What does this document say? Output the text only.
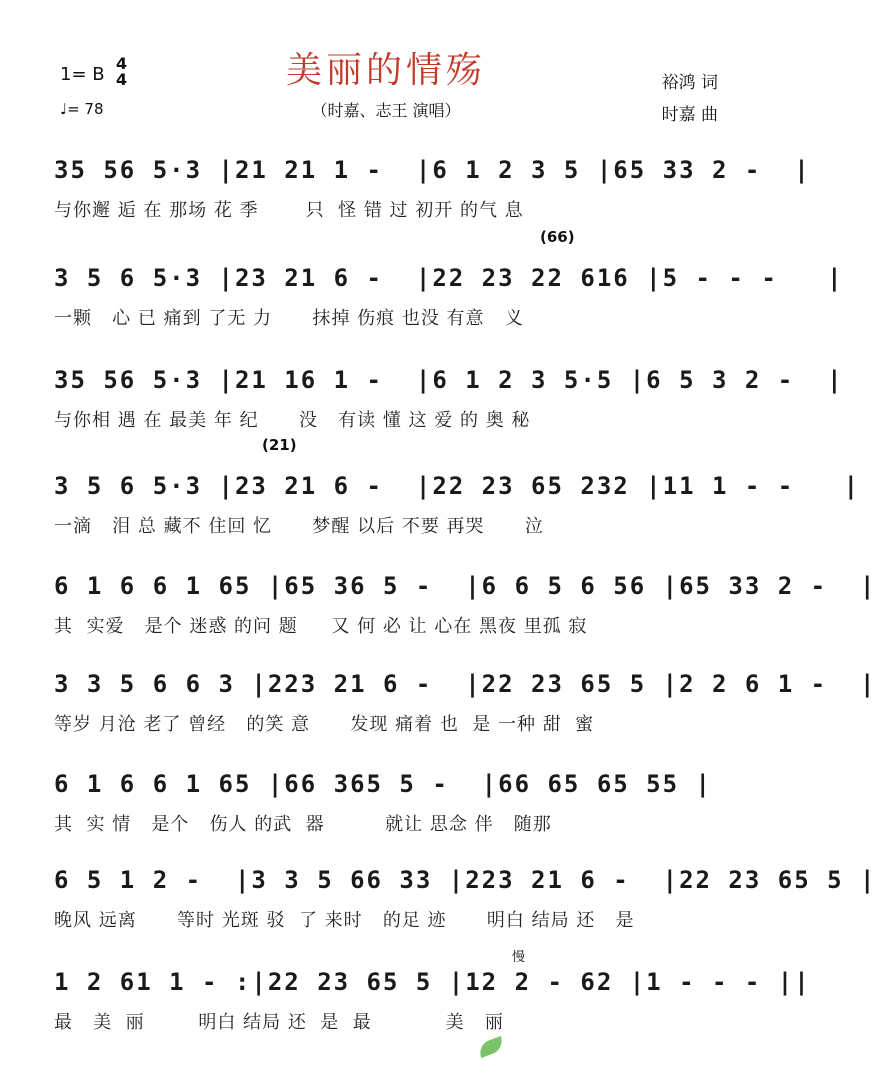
美丽的情殇
（时嘉、志王 演唱）
1= B
4
4
♩= 78
裕鸿 词
时嘉 曲
35 56 5·3 |21 21 1 -  |6 1 2 3 5 |65 33 2 -  |
与你邂 逅 在 那场 花 季       只  怪 错 过 初开 的气 息
(66)
3 5 6 5·3 |23 21 6 -  |22 23 22 616 |5 - - -   |
一颗   心 已 痛到 了无 力      抹掉 伤痕 也没 有意   义
35 56 5·3 |21 16 1 -  |6 1 2 3 5·5 |6 5 3 2 -  |
与你相 遇 在 最美 年 纪      没   有读 懂 这 爱 的 奥 秘
(21)
3 5 6 5·3 |23 21 6 -  |22 23 65 232 |11 1 - -   |
一滴   泪 总 藏不 住回 忆      梦醒 以后 不要 再哭      泣
6 1 6 6 1 65 |65 36 5 -  |6 6 5 6 56 |65 33 2 -  |
其  实爱   是个 迷惑 的问 题     又 何 必 让 心在 黑夜 里孤 寂
3 3 5 6 6 3 |223 21 6 -  |22 23 65 5 |2 2 6 1 -  |
等岁 月沧 老了 曾经   的笑 意      发现 痛着 也  是 一种 甜  蜜
6 1 6 6 1 65 |66 365 5 -  |66 65 65 55 |
其  实 情   是个   伤人 的武  器         就让 思念 伴   随那
6 5 1 2 -  |3 3 5 66 33 |223 21 6 -  |22 23 65 5 |
晚风 远离      等时 光斑 驳  了 来时   的足 迹      明白 结局 还   是
1 2 61 1 - :|22 23 65 5 |12 2 - 62 |1 - - - ||
最   美  丽        明白 结局 还  是  最           美   丽
慢
